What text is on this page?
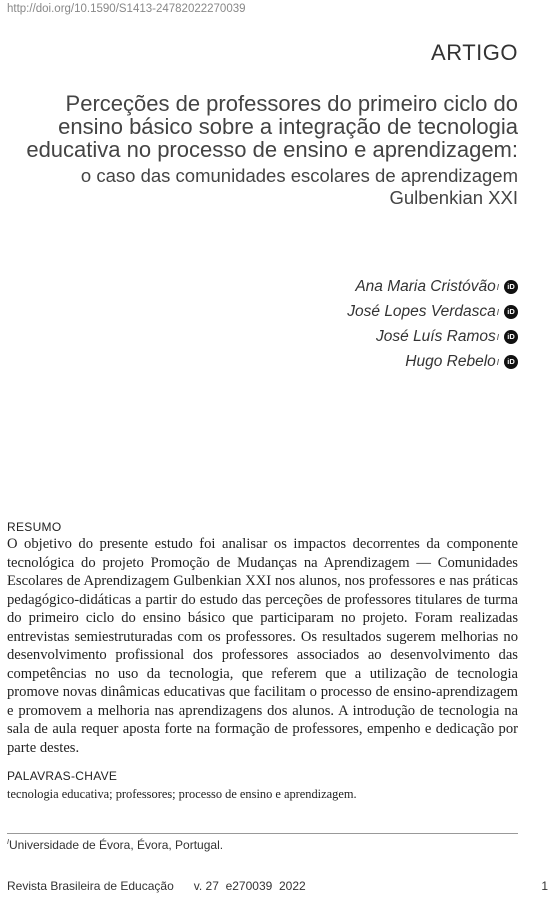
http://doi.org/10.1590/S1413-24782022270039
ARTIGO
Perceções de professores do primeiro ciclo do ensino básico sobre a integração de tecnologia educativa no processo de ensino e aprendizagem:
o caso das comunidades escolares de aprendizagem Gulbenkian XXI
Ana Maria Cristóvão I	iD
José Lopes Verdasca I	iD
José Luís Ramos I	iD
Hugo Rebelo I	iD
RESUMO

O objetivo do presente estudo foi analisar os impactos decorrentes da componente tecnológica do projeto Promoção de Mudanças na Aprendizagem — Comunidades Escolares de Aprendizagem Gulbenkian XXI nos alunos, nos professores e nas práticas pedagógico-didáticas a partir do estudo das perceções de professores titulares de turma do primeiro ciclo do ensino básico que participaram no projeto. Foram realizadas entrevistas semiestruturadas com os professores. Os resultados sugerem melhorias no desenvolvimento profissional dos professores associados ao desenvolvimento das competências no uso da tecnologia, que referem que a utilização de tecnologia promove novas dinâmicas educativas que facilitam o processo de ensino-aprendizagem e promovem a melhoria nas aprendizagens dos alunos. A introdução de tecnologia na sala de aula requer aposta forte na formação de professores, empenho e dedicação por parte destes.

PALAVRAS-CHAVE
tecnologia educativa; professores; processo de ensino e aprendizagem.
$^I$Universidade de Évora, Évora, Portugal.
Revista Brasileira de Educação v. 27 e270039 2022	1
